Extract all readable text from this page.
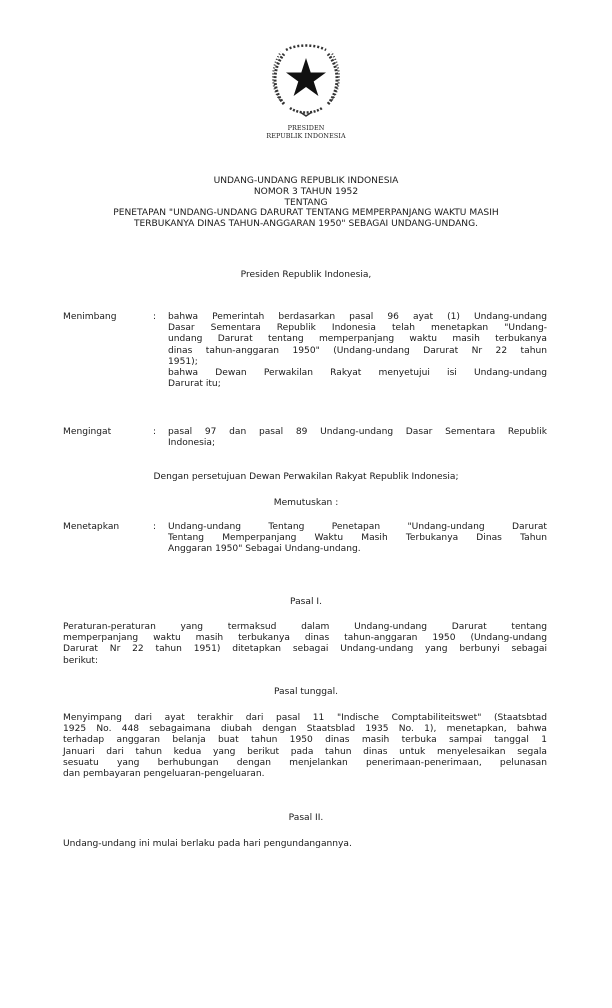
PRESIDEN
REPUBLIK INDONESIA
UNDANG-UNDANG REPUBLIK INDONESIA
NOMOR 3 TAHUN 1952
TENTANG
PENETAPAN "UNDANG-UNDANG DARURAT TENTANG MEMPERPANJANG WAKTU MASIH
TERBUKANYA DINAS TAHUN-ANGGARAN 1950" SEBAGAI UNDANG-UNDANG.
Presiden Republik Indonesia,
Menimbang	:	bahwa Pemerintah berdasarkan pasal 96 ayat (1) Undang-undang
Dasar Sementara Republik Indonesia telah menetapkan "Undang-
undang Darurat tentang memperpanjang waktu masih terbukanya
dinas tahun-anggaran 1950" (Undang-undang Darurat Nr 22 tahun
1951);
bahwa Dewan Perwakilan Rakyat menyetujui isi Undang-undang
Darurat itu;
Mengingat	:	pasal 97 dan pasal 89 Undang-undang Dasar Sementara Republik
Indonesia;
Dengan persetujuan Dewan Perwakilan Rakyat Republik Indonesia;
Memutuskan :
Menetapkan	:	Undang-undang Tentang Penetapan "Undang-undang Darurat
Tentang Memperpanjang Waktu Masih Terbukanya Dinas Tahun
Anggaran 1950" Sebagai Undang-undang.
Pasal I.
Peraturan-peraturan yang termaksud dalam Undang-undang Darurat tentang
memperpanjang waktu masih terbukanya dinas tahun-anggaran 1950 (Undang-undang
Darurat Nr 22 tahun 1951) ditetapkan sebagai Undang-undang yang berbunyi sebagai
berikut:
Pasal tunggal.
Menyimpang dari ayat terakhir dari pasal 11 "Indische Comptabiliteitswet" (Staatsbtad
1925 No. 448 sebagaimana diubah dengan Staatsblad 1935 No. 1), menetapkan, bahwa
terhadap anggaran belanja buat tahun 1950 dinas masih terbuka sampai tanggal 1
Januari dari tahun kedua yang berikut pada tahun dinas untuk menyelesaikan segala
sesuatu yang berhubungan dengan menjelankan penerimaan-penerimaan, pelunasan
dan pembayaran pengeluaran-pengeluaran.
Pasal II.
Undang-undang ini mulai berlaku pada hari pengundangannya.
